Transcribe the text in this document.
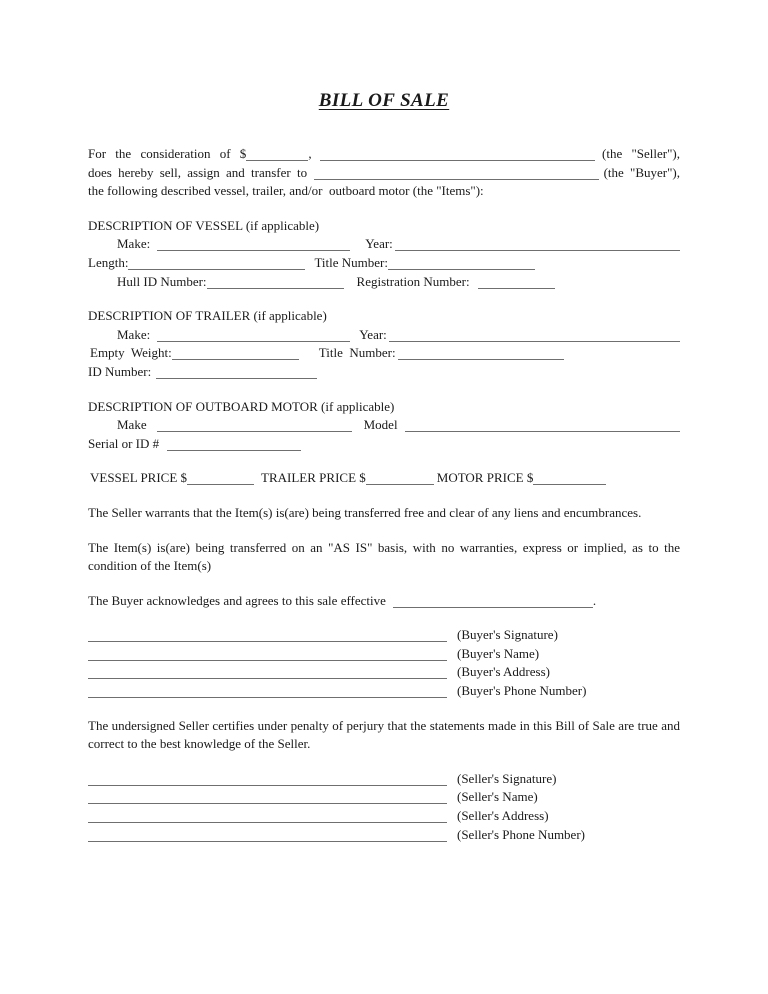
BILL OF SALE
For the consideration of $	,	(the "Seller"),
does hereby sell, assign and transfer to	(the "Buyer"),
the following described vessel, trailer, and/or  outboard motor (the "Items"):
DESCRIPTION OF VESSEL (if applicable)
Make:	Year:
Length:	Title Number:
Hull ID Number:	Registration Number:
DESCRIPTION OF TRAILER (if applicable)
Make:	Year:
Empty  Weight:	Title  Number:
ID Number:
DESCRIPTION OF OUTBOARD MOTOR (if applicable)
Make	Model
Serial or ID #
VESSEL PRICE $	TRAILER PRICE $	MOTOR PRICE $
The Seller warrants that the Item(s) is(are) being transferred free and clear of any liens and encumbrances.
The Item(s) is(are) being transferred on an "AS IS" basis, with no warranties, express or implied, as to the condition of the Item(s)
The Buyer acknowledges and agrees to this sale effective	.
(Buyer's Signature)
(Buyer's Name)
(Buyer's Address)
(Buyer's Phone Number)
The undersigned Seller certifies under penalty of perjury that the statements made in this Bill of Sale are true and correct to the best knowledge of the Seller.
(Seller's Signature)
(Seller's Name)
(Seller's Address)
(Seller's Phone Number)
